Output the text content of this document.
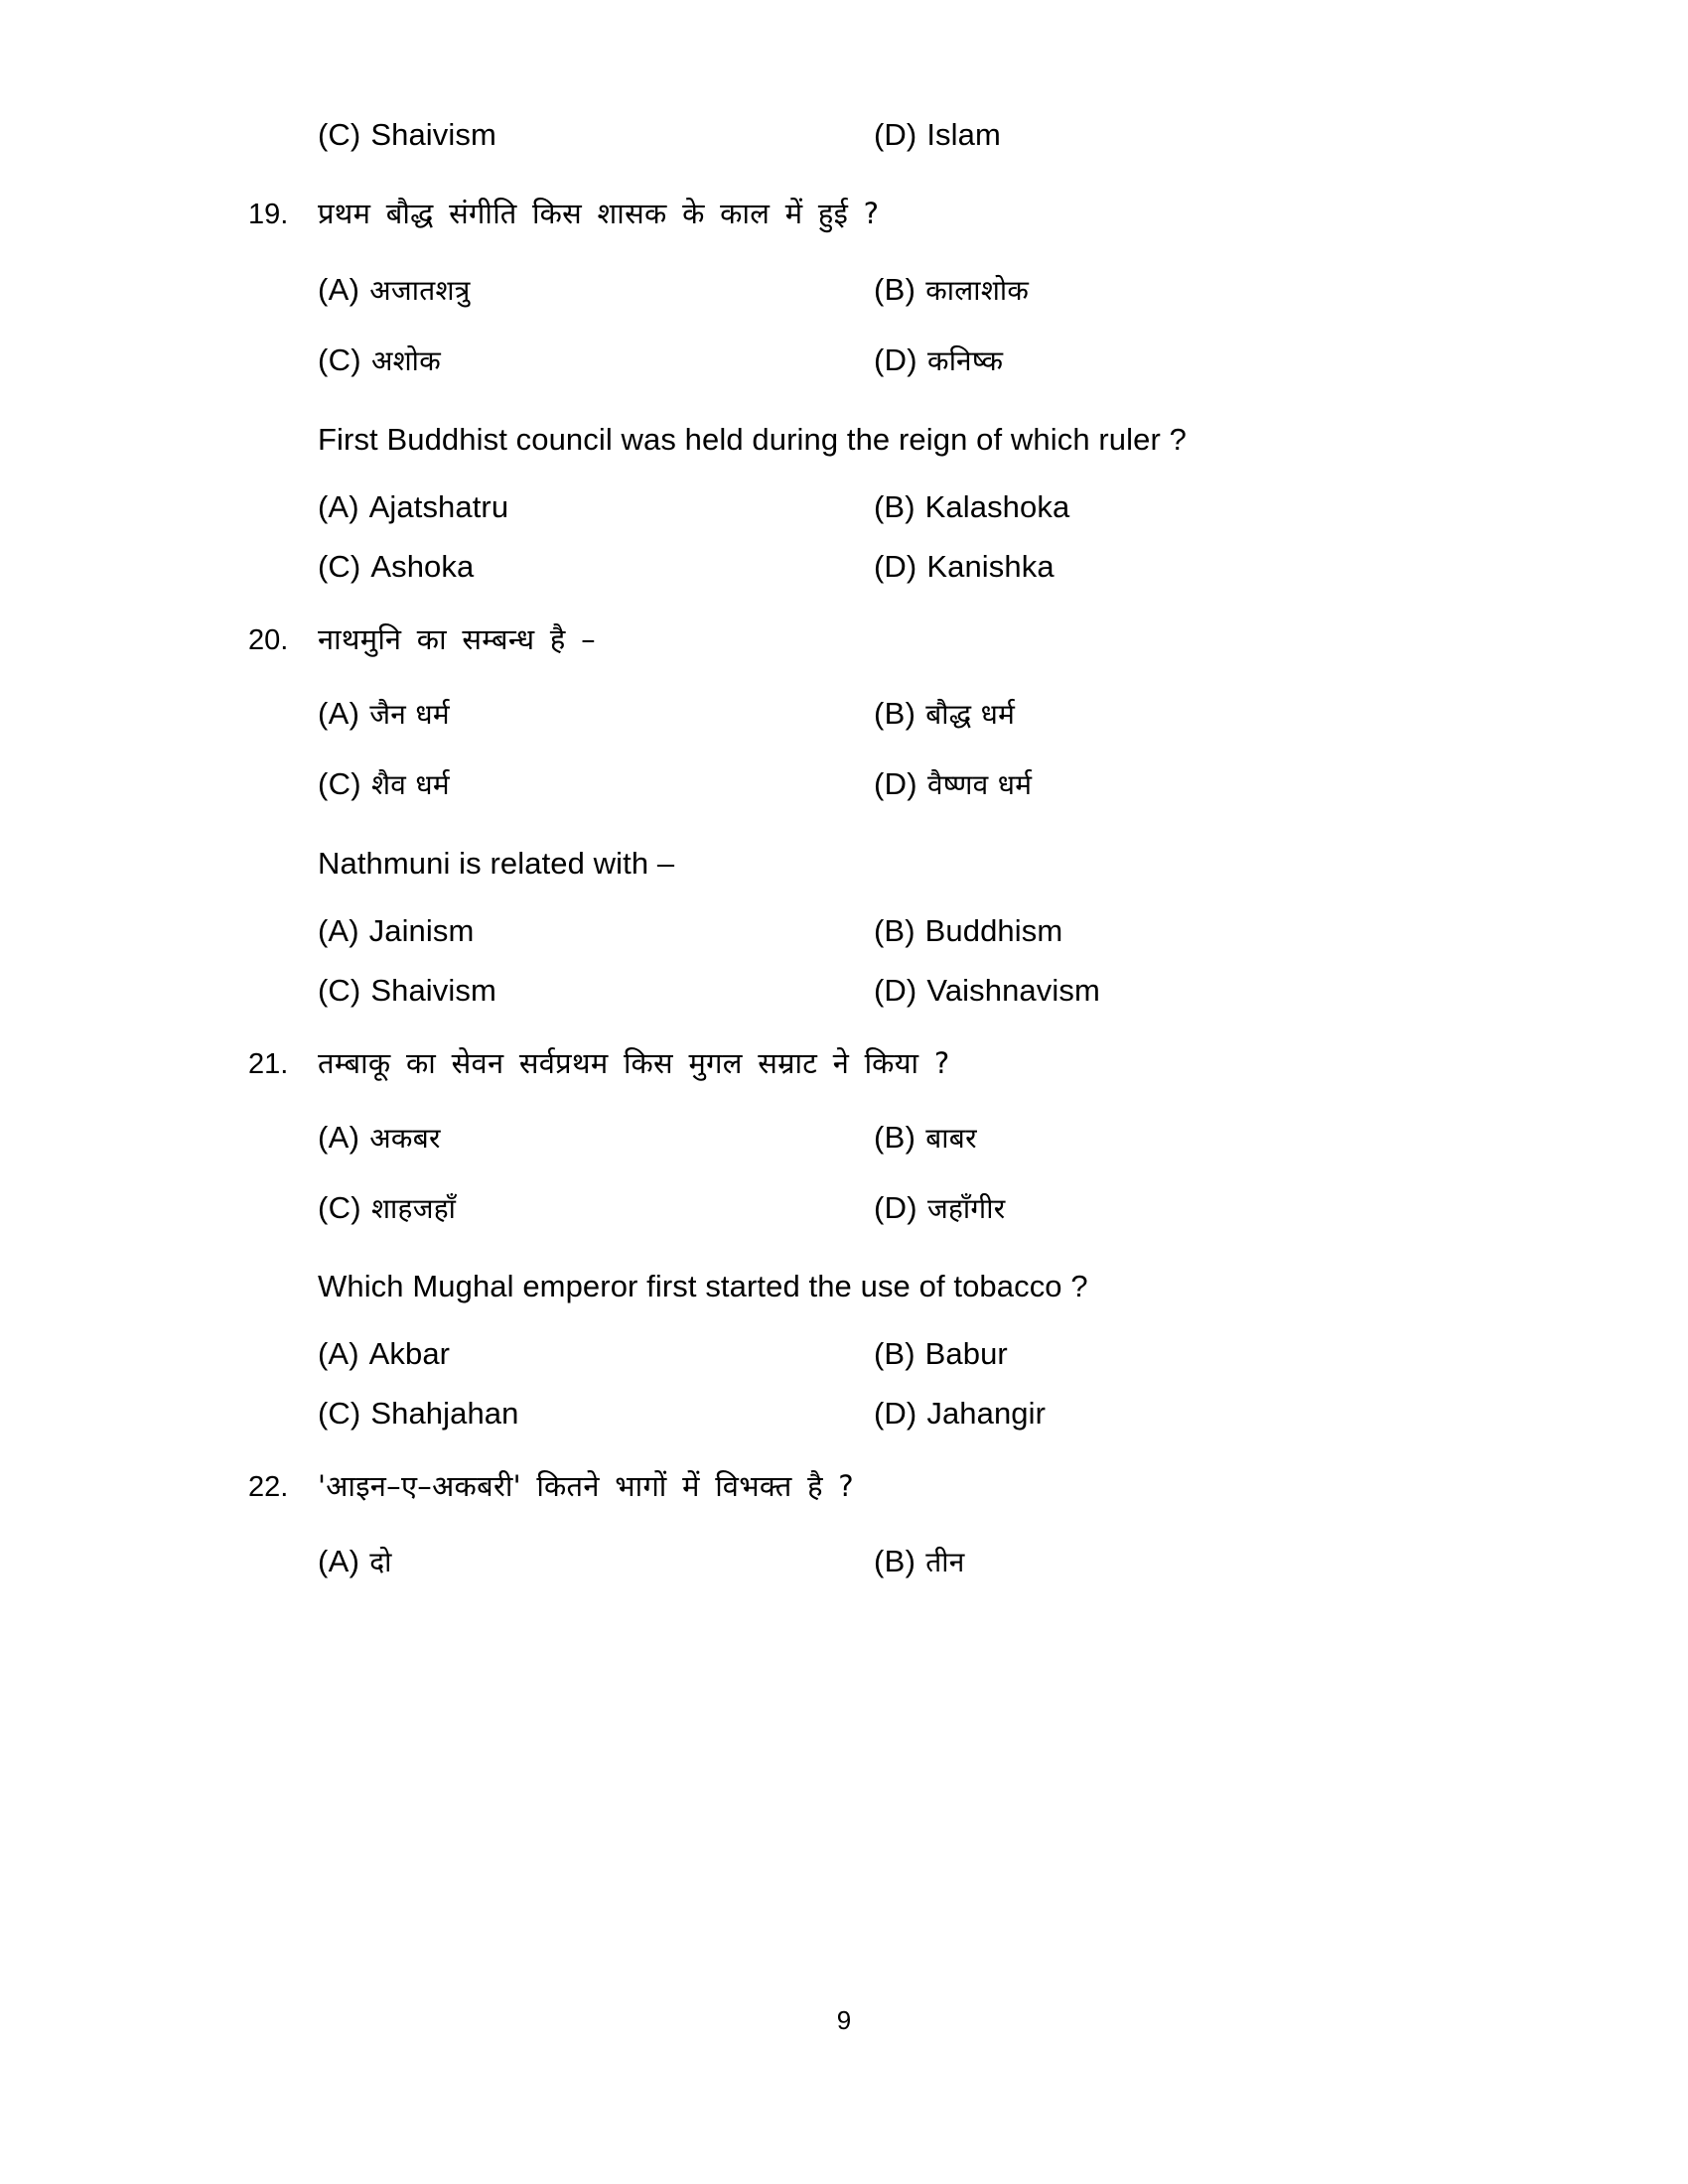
(C) Shaivism	(D) Islam
19.	प्रथम बौद्ध संगीति किस शासक के काल में हुई ?
(A) अजातशत्रु	(B) कालाशोक
(C) अशोक	(D) कनिष्क
First Buddhist council was held during the reign of which ruler ?
(A) Ajatshatru	(B) Kalashoka
(C) Ashoka	(D) Kanishka
20.	नाथमुनि का सम्बन्ध है –
(A) जैन धर्म	(B) बौद्ध धर्म
(C) शैव धर्म	(D) वैष्णव धर्म
Nathmuni is related with –
(A) Jainism	(B) Buddhism
(C) Shaivism	(D) Vaishnavism
21.	तम्बाकू का सेवन सर्वप्रथम किस मुगल सम्राट ने किया ?
(A) अकबर	(B) बाबर
(C) शाहजहाँ	(D) जहाँगीर
Which Mughal emperor first started the use of tobacco ?
(A) Akbar	(B) Babur
(C) Shahjahan	(D) Jahangir
22.	'आइन–ए–अकबरी' कितने भागों में विभक्त है ?
(A) दो	(B) तीन
9
